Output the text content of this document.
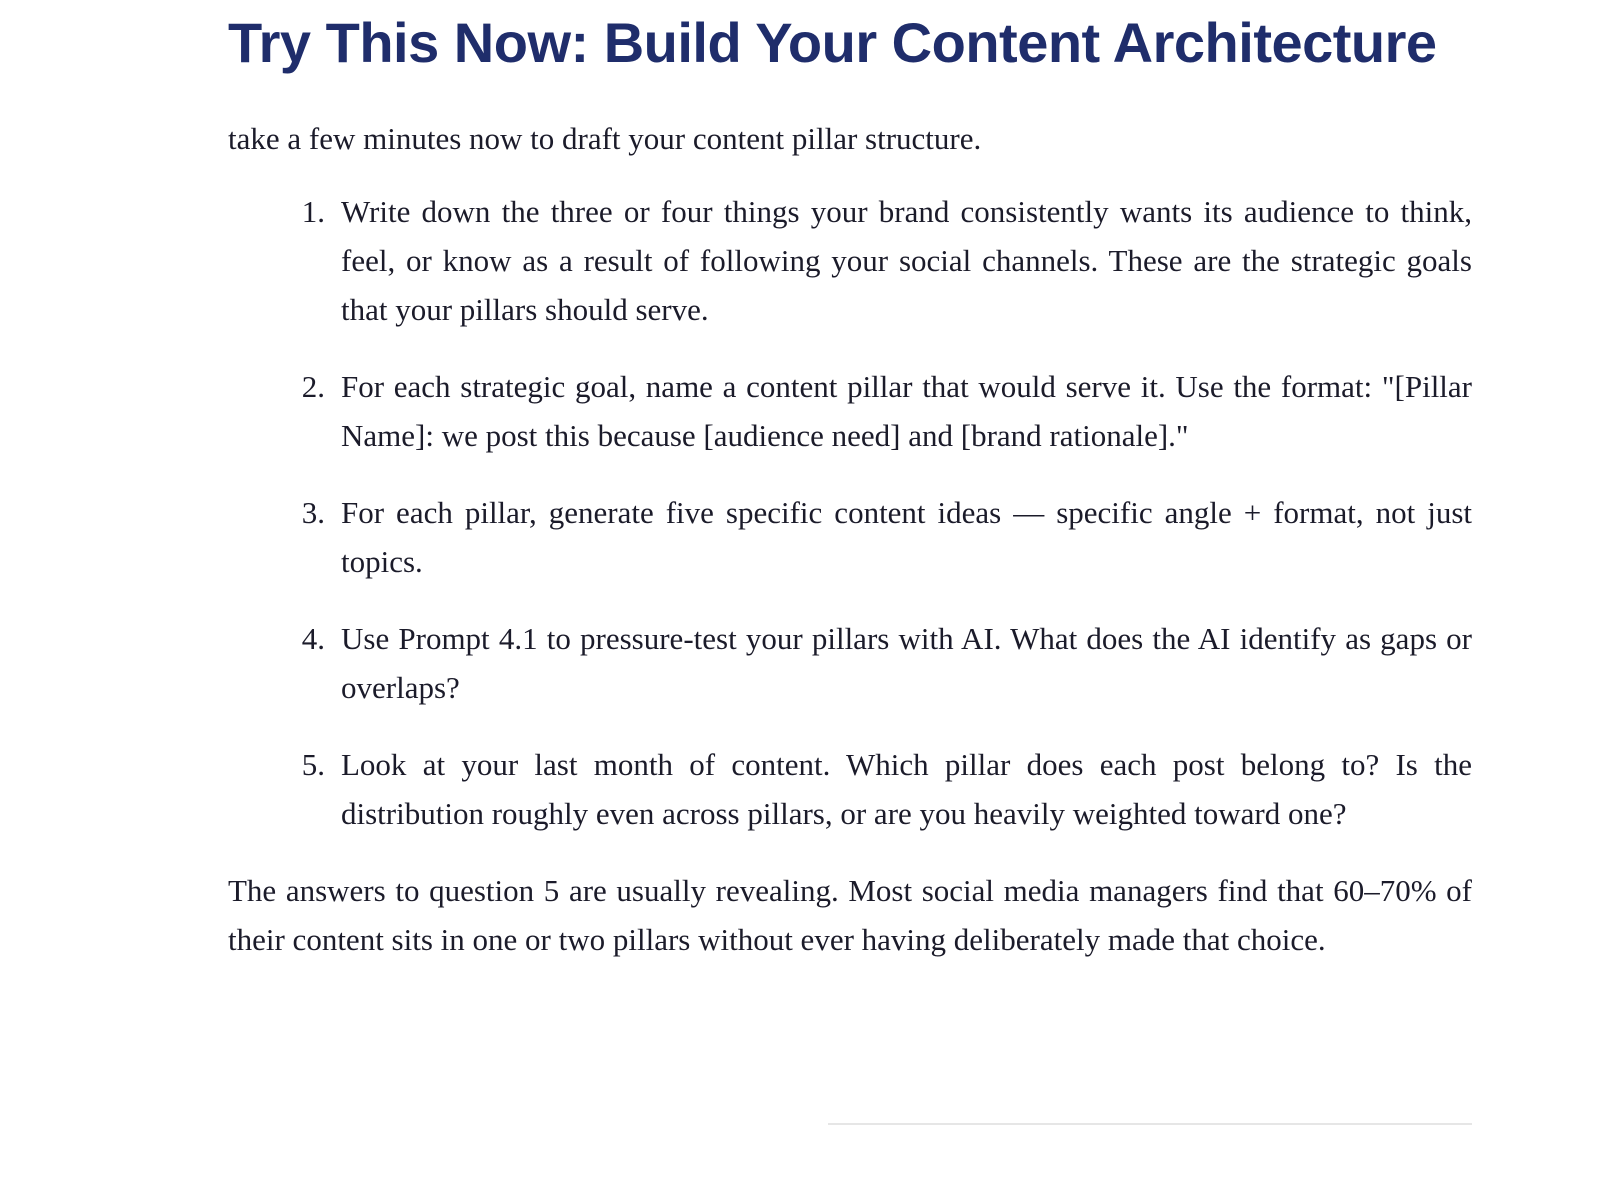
Try This Now: Build Your Content Architecture

take a few minutes now to draft your content pillar structure.

1. Write down the three or four things your brand consistently wants its audience to think, feel, or know as a result of following your social channels. These are the strategic goals that your pillars should serve.
2. For each strategic goal, name a content pillar that would serve it. Use the format: "[Pillar Name]: we post this because [audience need] and [brand rationale]."
3. For each pillar, generate five specific content ideas — specific angle + format, not just topics.
4. Use Prompt 4.1 to pressure-test your pillars with AI. What does the AI identify as gaps or overlaps?
5. Look at your last month of content. Which pillar does each post belong to? Is the distribution roughly even across pillars, or are you heavily weighted toward one?

The answers to question 5 are usually revealing. Most social media managers find that 60–70% of their content sits in one or two pillars without ever having deliberately made that choice.
